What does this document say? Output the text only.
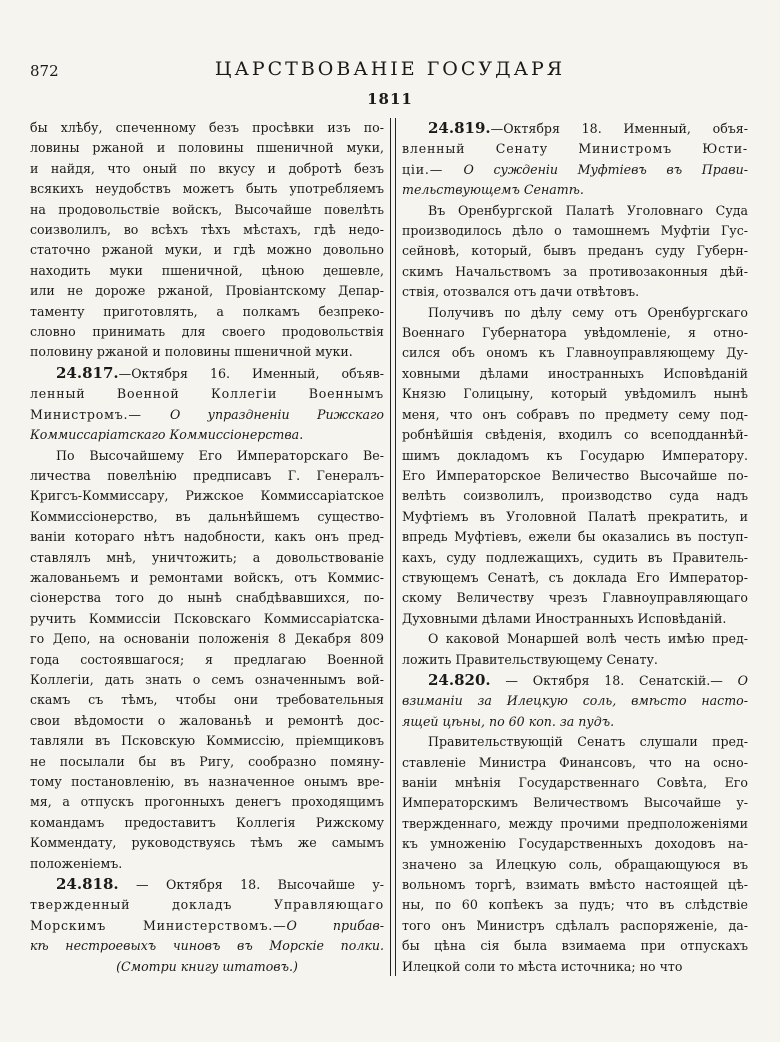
872	ЦАРСТВОВАНІЕ ГОСУДАРЯ
1811
бы хлѣбу, спеченному безъ просѣвки изъ по-
ловины ржаной и половины пшеничной муки,
и найдя, что оный по вкусу и добротѣ безъ
всякихъ неудобствъ можетъ быть употребляемъ
на продовольствіе войскъ, Высочайше повелѣть
соизволилъ, во всѣхъ тѣхъ мѣстахъ, гдѣ недо-
статочно ржаной муки, и гдѣ можно довольно
находить муки пшеничной, цѣною дешевле,
или не дороже ржаной, Провіантскому Депар-
таменту приготовлять, а полкамъ безпреко-
словно принимать для своего продовольствія
половину ржаной и половины пшеничной муки.
24.817.—Октября 16. Именный, объяв-
ленный Военной Коллегіи Военнымъ
Министромъ.— О упраздненіи Рижскаго
Коммиссаріатскаго Коммиссіонерства.
По Высочайшему Его Императорскаго Ве-
личества повелѣнію предписавъ Г. Генералъ-
Кригсъ-Коммиссару, Рижское Коммиссаріатское
Коммиссіонерство, въ дальнѣйшемъ существо-
ваніи котораго нѣтъ надобности, какъ онъ пред-
ставлялъ мнѣ, уничтожить; а довольствованіе
жалованьемъ и ремонтами войскъ, отъ Коммис-
сіонерства того до нынѣ снабдѣвавшихся, по-
ручить Коммиссіи Псковскаго Коммиссаріатска-
го Депо, на основаніи положенія 8 Декабря 809
года состоявшагося; я предлагаю Военной
Коллегіи, дать знать о семъ означеннымъ вой-
скамъ съ тѣмъ, чтобы они требовательныя
свои вѣдомости о жалованьѣ и ремонтѣ дос-
тавляли въ Псковскую Коммиссію, пріемщиковъ
не посылали бы въ Ригу, сообразно помяну-
тому постановленію, въ назначенное онымъ вре-
мя, а отпускъ прогонныхъ денегъ проходящимъ
командамъ предоставитъ Коллегія Рижскому
Коммендату, руководствуясь тѣмъ же самымъ
положеніемъ.
24.818. — Октября 18. Высочайше у-
твержденный докладъ Управляющаго
Морскимъ Министерствомъ.—О прибав-
кѣ нестроевыхъ чиновъ въ Морскіе полки.
(Смотри книгу штатовъ.)
24.819.—Октября 18. Именный, объя-
вленный Сенату Министромъ Юсти-
ціи.— О сужденіи Муфтіевъ въ Прави-
тельствующемъ Сенатѣ.
Въ Оренбургской Палатѣ Уголовнаго Суда
производилось дѣло о тамошнемъ Муфтіи Гус-
сейновѣ, который, бывъ преданъ суду Губерн-
скимъ Начальствомъ за противозаконныя дѣй-
ствія, отозвался отъ дачи отвѣтовъ.
Получивъ по дѣлу сему отъ Оренбургскаго
Военнаго Губернатора увѣдомленіе, я отно-
сился объ ономъ къ Главноуправляющему Ду-
ховными дѣлами иностранныхъ Исповѣданій
Князю Голицыну, который увѣдомилъ нынѣ
меня, что онъ собравъ по предмету сему под-
робнѣйшія свѣденія, входилъ со всеподданнѣй-
шимъ докладомъ къ Государю Императору.
Его Императорское Величество Высочайше по-
велѣть соизволилъ, производство суда надъ
Муфтіемъ въ Уголовной Палатѣ прекратить, и
впредь Муфтіевъ, ежели бы оказались въ поступ-
кахъ, суду подлежащихъ, судить въ Правитель-
ствующемъ Сенатѣ, съ доклада Его Император-
скому Величеству чрезъ Главноуправляющаго
Духовными дѣлами Иностранныхъ Исповѣданій.
О каковой Монаршей волѣ честь имѣю пред-
ложить Правительствующему Сенату.
24.820. — Октября 18. Сенатскій.— О
взиманіи за Илецкую соль, вмѣсто насто-
ящей цѣны, по 60 коп. за пудъ.
Правительствующій Сенатъ слушали пред-
ставленіе Министра Финансовъ, что на осно-
ваніи мнѣнія Государственнаго Совѣта, Его
Императорскимъ Величествомъ Высочайше у-
твержденнаго, между прочими предположеніями
къ умноженію Государственныхъ доходовъ на-
значено за Илецкую соль, обращающуюся въ
вольномъ торгѣ, взимать вмѣсто настоящей цѣ-
ны, по 60 копѣекъ за пудъ; что въ слѣдствіе
того онъ Министръ сдѣлалъ распоряженіе, да-
бы цѣна сія была взимаема при отпускахъ
Илецкой соли то мѣста источника; но что
